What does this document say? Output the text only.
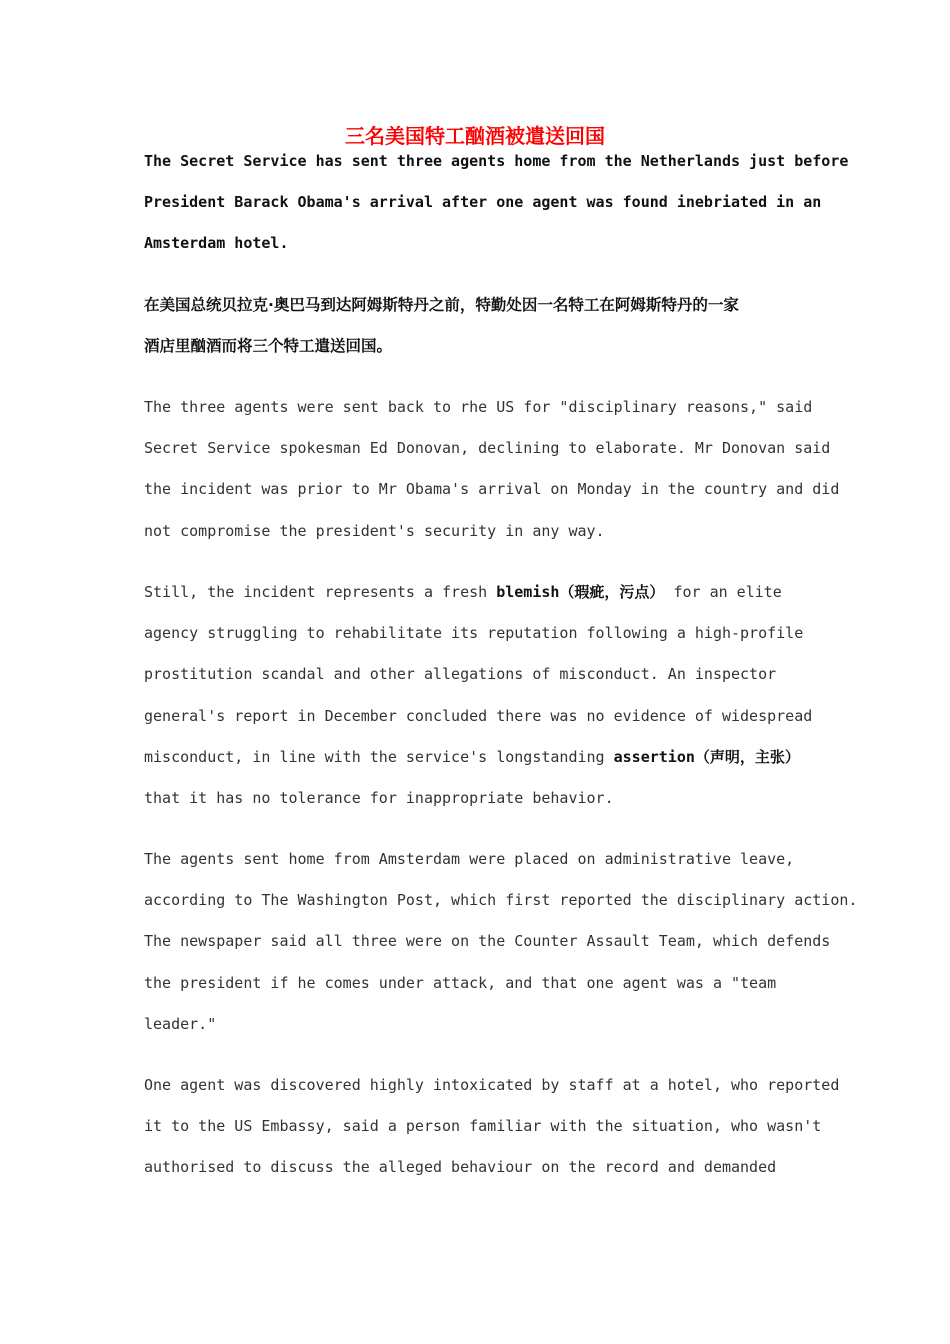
三名美国特工酗酒被遣送回国
The Secret Service has sent three agents home from the Netherlands just before
President Barack Obama's arrival after one agent was found inebriated in an
Amsterdam hotel.
在美国总统贝拉克·奥巴马到达阿姆斯特丹之前，特勤处因一名特工在阿姆斯特丹的一家
酒店里酗酒而将三个特工遣送回国。
The three agents were sent back to rhe US for "disciplinary reasons," said
Secret Service spokesman Ed Donovan, declining to elaborate. Mr Donovan said
the incident was prior to Mr Obama's arrival on Monday in the country and did
not compromise the president's security in any way.
Still, the incident represents a fresh blemish（瑕疵，污点） for an elite
agency struggling to rehabilitate its reputation following a high-profile
prostitution scandal and other allegations of misconduct. An inspector
general's report in December concluded there was no evidence of widespread
misconduct, in line with the service's longstanding assertion（声明，主张）
that it has no tolerance for inappropriate behavior.
The agents sent home from Amsterdam were placed on administrative leave,
according to The Washington Post, which first reported the disciplinary action.
The newspaper said all three were on the Counter Assault Team, which defends
the president if he comes under attack, and that one agent was a "team
leader."
One agent was discovered highly intoxicated by staff at a hotel, who reported
it to the US Embassy, said a person familiar with the situation, who wasn't
authorised to discuss the alleged behaviour on the record and demanded
